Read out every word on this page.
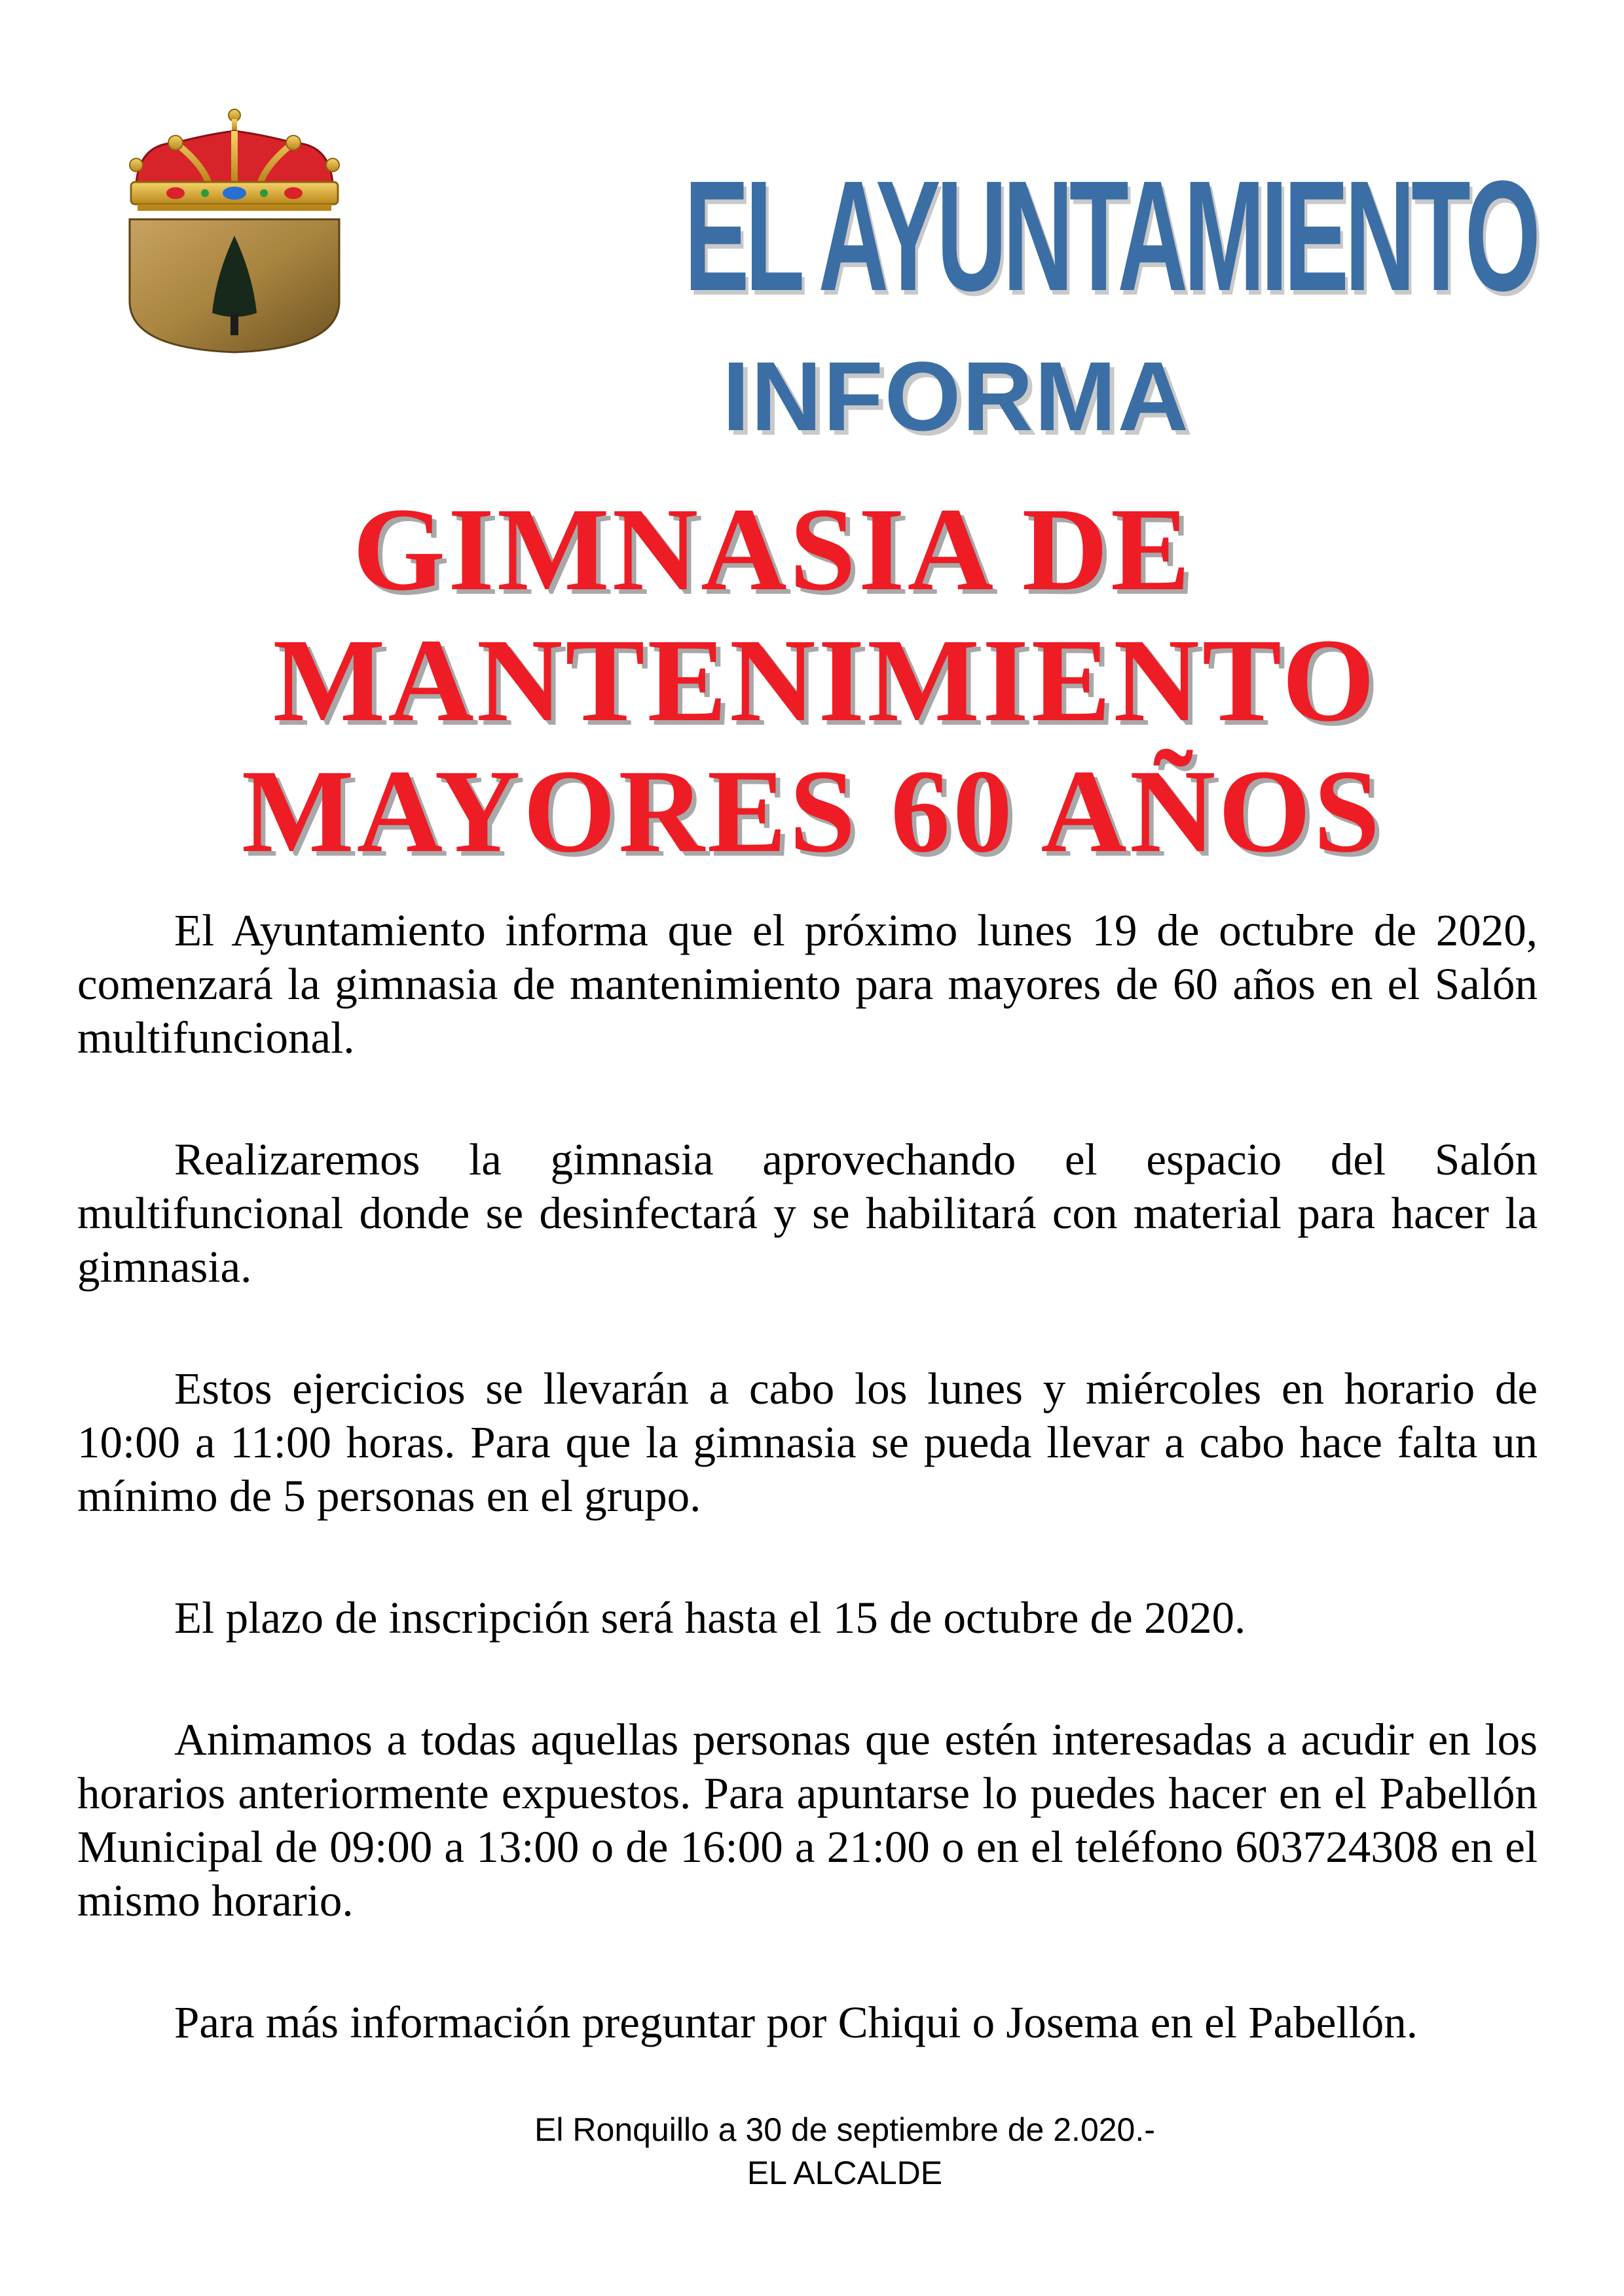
EL AYUNTAMIENTO
INFORMA
GIMNASIA DE
MANTENIMIENTO
MAYORES 60 AÑOS

El Ayuntamiento informa que el próximo lunes 19 de octubre de 2020, comenzará la gimnasia de mantenimiento para mayores de 60 años en el Salón multifuncional.

Realizaremos la gimnasia aprovechando el espacio del Salón multifuncional donde se desinfectará y se habilitará con material para hacer la gimnasia.

Estos ejercicios se llevarán a cabo los lunes y miércoles en horario de 10:00 a 11:00 horas. Para que la gimnasia se pueda llevar a cabo hace falta un mínimo de 5 personas en el grupo.

El plazo de inscripción será hasta el 15 de octubre de 2020.

Animamos a todas aquellas personas que estén interesadas a acudir en los horarios anteriormente expuestos. Para apuntarse lo puedes hacer en el Pabellón Municipal de 09:00 a 13:00 o de 16:00 a 21:00 o en el teléfono 603724308 en el mismo horario.

Para más información preguntar por Chiqui o Josema en el Pabellón.

El Ronquillo a 30 de septiembre de 2.020.-
EL ALCALDE
